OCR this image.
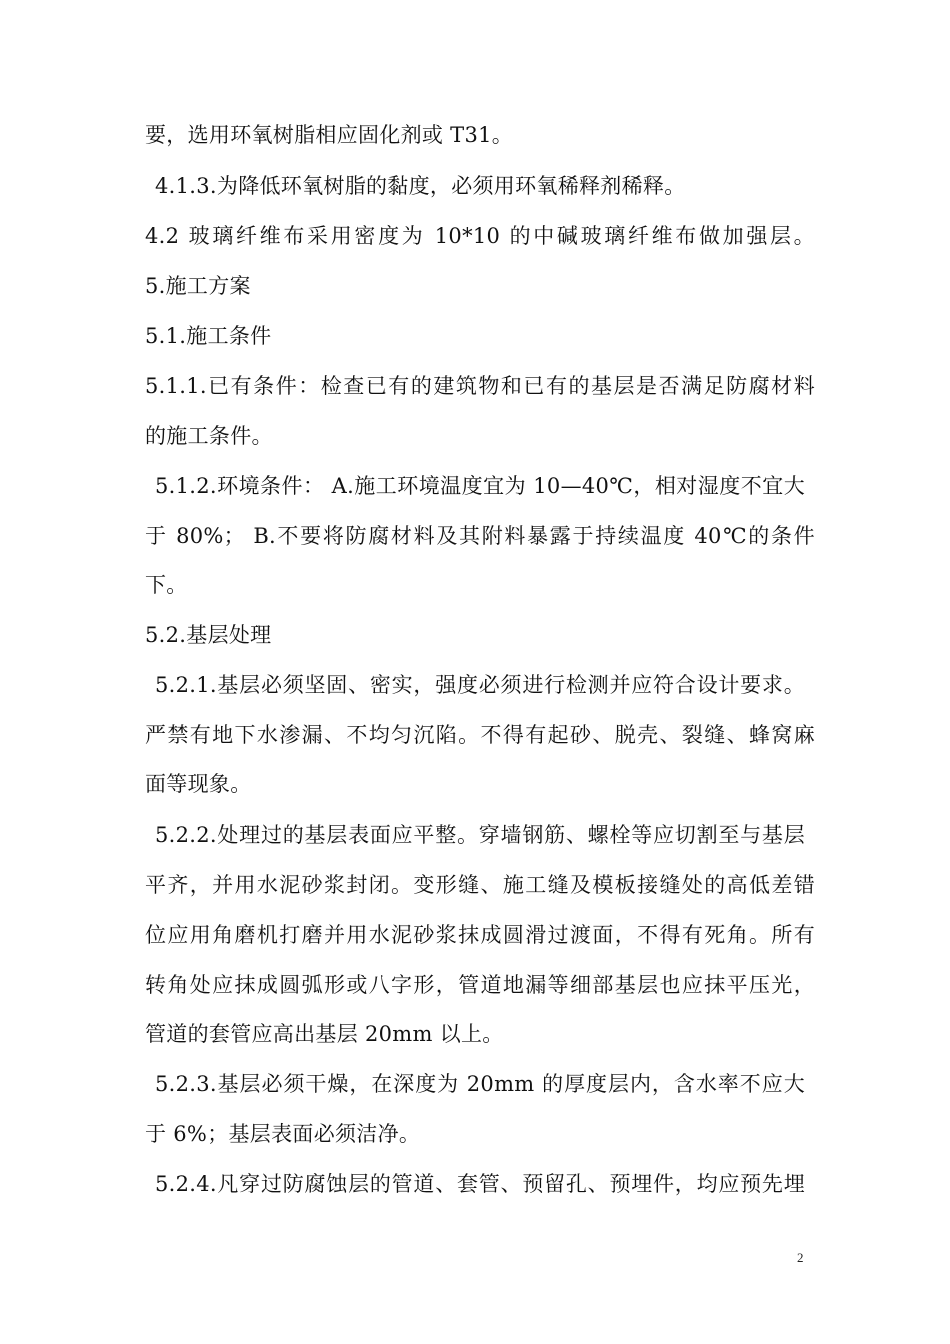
要，选用环氧树脂相应固化剂或 T31。
4.1.3.为降低环氧树脂的黏度，必须用环氧稀释剂稀释。
4.2 玻璃纤维布采用密度为 10*10 的中碱玻璃纤维布做加强层。
5.施工方案
5.1.施工条件
5.1.1.已有条件：检查已有的建筑物和已有的基层是否满足防腐材料
的施工条件。
5.1.2.环境条件： A.施工环境温度宜为 10—40℃，相对湿度不宜大
于 80%； B.不要将防腐材料及其附料暴露于持续温度 40℃的条件
下。
5.2.基层处理
5.2.1.基层必须坚固、密实，强度必须进行检测并应符合设计要求。
严禁有地下水渗漏、不均匀沉陷。不得有起砂、脱壳、裂缝、蜂窝麻
面等现象。
5.2.2.处理过的基层表面应平整。穿墙钢筋、螺栓等应切割至与基层
平齐，并用水泥砂浆封闭。变形缝、施工缝及模板接缝处的高低差错
位应用角磨机打磨并用水泥砂浆抹成圆滑过渡面，不得有死角。所有
转角处应抹成圆弧形或八字形，管道地漏等细部基层也应抹平压光，
管道的套管应高出基层 20mm 以上。
5.2.3.基层必须干燥，在深度为 20mm 的厚度层内，含水率不应大
于 6%；基层表面必须洁净。
5.2.4.凡穿过防腐蚀层的管道、套管、预留孔、预埋件，均应预先埋
2
